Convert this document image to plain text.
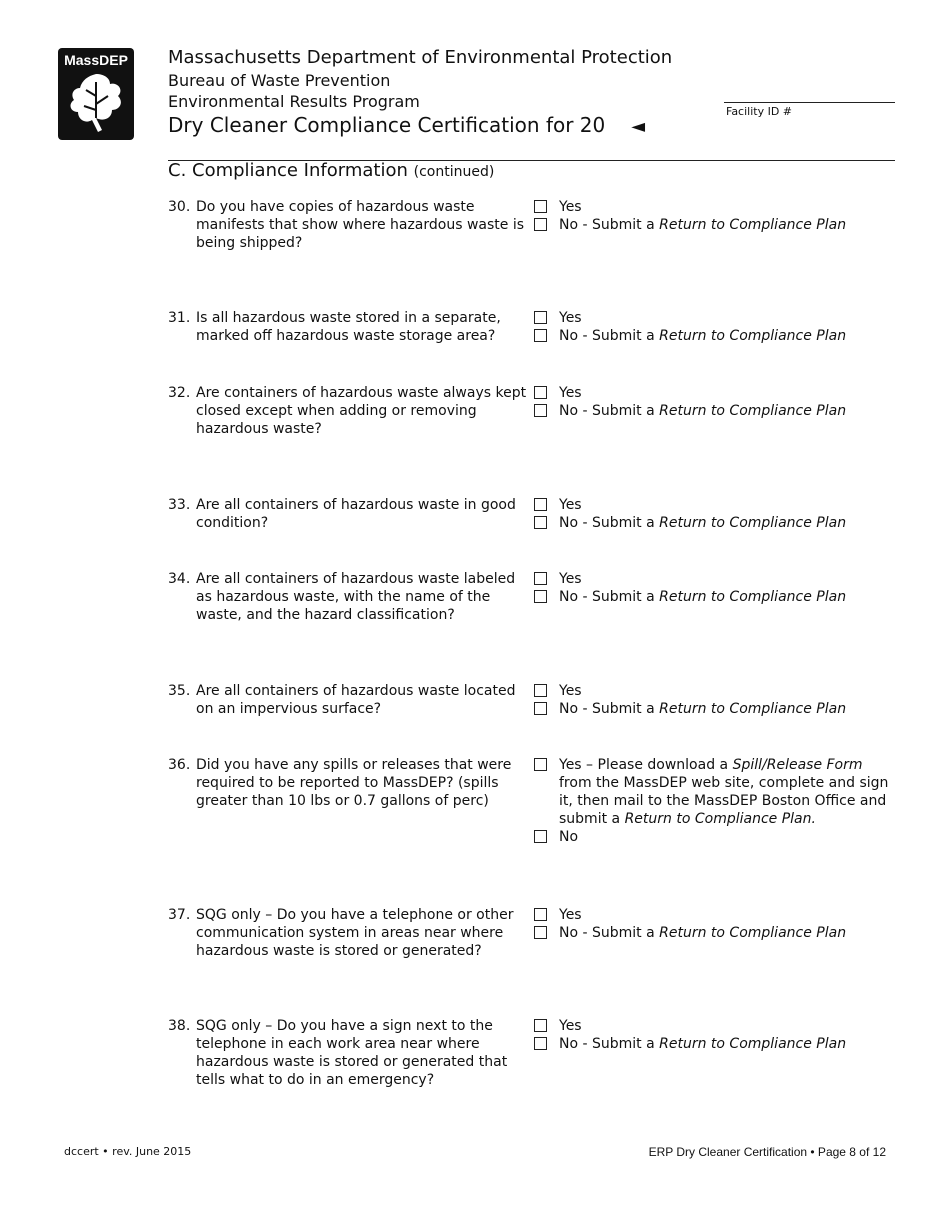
MassDEP Massachusetts Department of Environmental Protection
Bureau of Waste Prevention
Environmental Results Program
Dry Cleaner Compliance Certification for 20 ◄
Facility ID #
C. Compliance Information (continued)
30. Do you have copies of hazardous waste manifests that show where hazardous waste is being shipped?
Yes
No - Submit a Return to Compliance Plan
31. Is all hazardous waste stored in a separate, marked off hazardous waste storage area?
Yes
No - Submit a Return to Compliance Plan
32. Are containers of hazardous waste always kept closed except when adding or removing hazardous waste?
Yes
No - Submit a Return to Compliance Plan
33. Are all containers of hazardous waste in good condition?
Yes
No - Submit a Return to Compliance Plan
34. Are all containers of hazardous waste labeled as hazardous waste, with the name of the waste, and the hazard classification?
Yes
No - Submit a Return to Compliance Plan
35. Are all containers of hazardous waste located on an impervious surface?
Yes
No - Submit a Return to Compliance Plan
36. Did you have any spills or releases that were required to be reported to MassDEP? (spills greater than 10 lbs or 0.7 gallons of perc)
Yes – Please download a Spill/Release Form from the MassDEP web site, complete and sign it, then mail to the MassDEP Boston Office and submit a Return to Compliance Plan.
No
37. SQG only – Do you have a telephone or other communication system in areas near where hazardous waste is stored or generated?
Yes
No - Submit a Return to Compliance Plan
38. SQG only – Do you have a sign next to the telephone in each work area near where hazardous waste is stored or generated that tells what to do in an emergency?
Yes
No - Submit a Return to Compliance Plan
dccert • rev. June 2015	ERP Dry Cleaner Certification • Page 8 of 12
